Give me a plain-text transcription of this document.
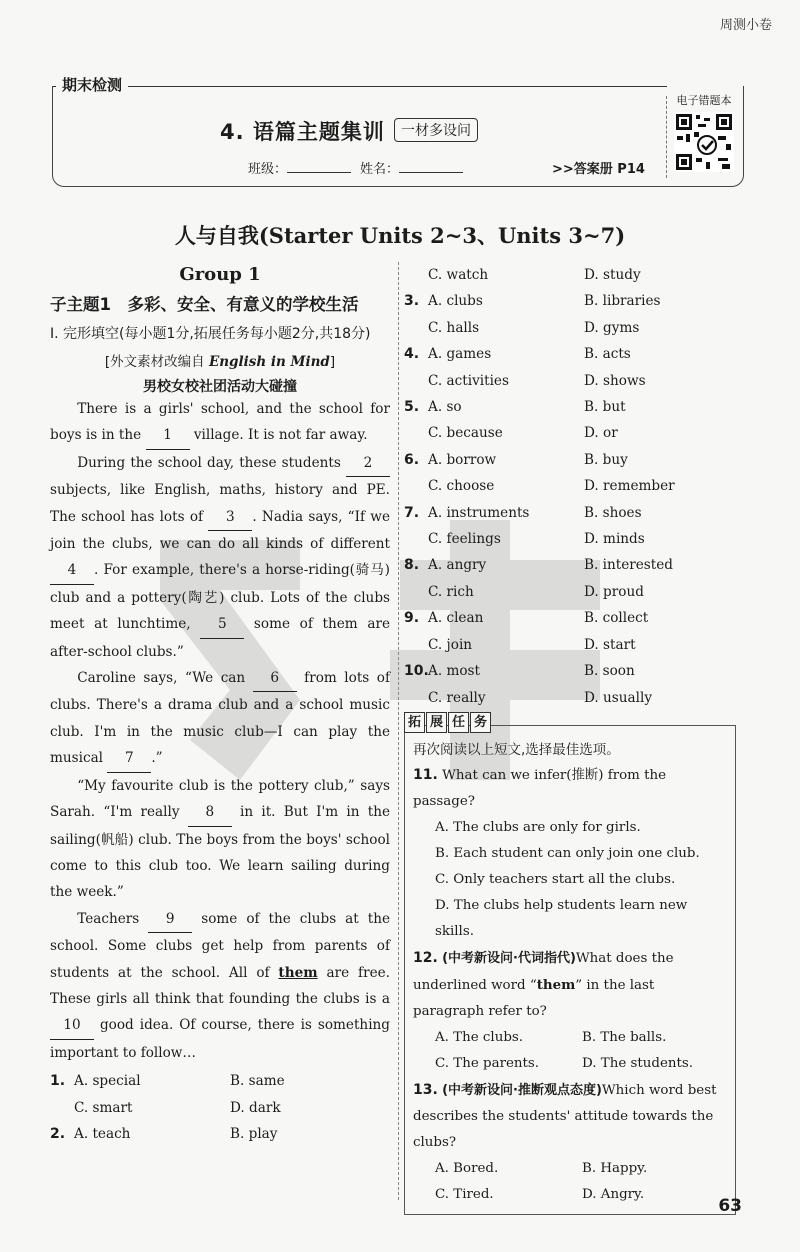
周测小卷
期末检测
4. 语篇主题集训	一材多设问
班级：	姓名：	>>答案册 P14
电子错题本
人与自我(Starter Units 2~3、Units 3~7)
Group 1
子主题1　多彩、安全、有意义的学校生活
Ⅰ. 完形填空(每小题1分,拓展任务每小题2分,共18分)
[外文素材改编自 English in Mind]
男校女校社团活动大碰撞
There is a girls' school, and the school for boys is in the 1 village. It is not far away.
During the school day, these students 2 subjects, like English, maths, history and PE. The school has lots of 3 . Nadia says, “If we join the clubs, we can do all kinds of different 4 . For example, there's a horse-riding(骑马) club and a pottery(陶艺) club. Lots of the clubs meet at lunchtime, 5 some of them are after-school clubs.”
Caroline says, “We can 6 from lots of clubs. There's a drama club and a school music club. I'm in the music club—I can play the musical 7 .”
“My favourite club is the pottery club,” says Sarah. “I'm really 8 in it. But I'm in the sailing(帆船) club. The boys from the boys' school come to this club too. We learn sailing during the week.”
Teachers 9 some of the clubs at the school. Some clubs get help from parents of students at the school. All of them are free. These girls all think that founding the clubs is a 10 good idea. Of course, there is something important to follow…
1. A. special	B. same
C. smart	D. dark
2. A. teach	B. play
C. watch	D. study
3. A. clubs	B. libraries
C. halls	D. gyms
4. A. games	B. acts
C. activities	D. shows
5. A. so	B. but
C. because	D. or
6. A. borrow	B. buy
C. choose	D. remember
7. A. instruments	B. shoes
C. feelings	D. minds
8. A. angry	B. interested
C. rich	D. proud
9. A. clean	B. collect
C. join	D. start
10. A. most	B. soon
C. really	D. usually
拓 展 任 务
再次阅读以上短文,选择最佳选项。
11. What can we infer(推断) from the passage?
A. The clubs are only for girls.
B. Each student can only join one club.
C. Only teachers start all the clubs.
D. The clubs help students learn new skills.
12. (中考新设问·代词指代)What does the underlined word “them” in the last paragraph refer to?
A. The clubs.	B. The balls.
C. The parents.	D. The students.
13. (中考新设问·推断观点态度)Which word best describes the students' attitude towards the clubs?
A. Bored.	B. Happy.
C. Tired.	D. Angry.
63
